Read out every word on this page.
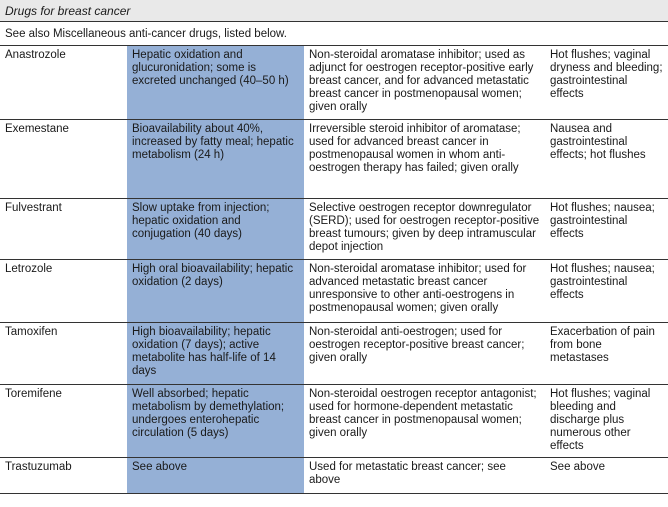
Drugs for breast cancer
See also Miscellaneous anti-cancer drugs, listed below.
Anastrozole	Hepatic oxidation and glucuronidation; some is excreted unchanged (40–50 h)	Non-steroidal aromatase inhibitor; used as adjunct for oestrogen receptor-positive early breast cancer, and for advanced metastatic breast cancer in postmenopausal women; given orally	Hot flushes; vaginal dryness and bleeding; gastrointestinal effects
Exemestane	Bioavailability about 40%, increased by fatty meal; hepatic metabolism (24 h)	Irreversible steroid inhibitor of aromatase; used for advanced breast cancer in postmenopausal women in whom anti-oestrogen therapy has failed; given orally	Nausea and gastrointestinal effects; hot flushes
Fulvestrant	Slow uptake from injection; hepatic oxidation and conjugation (40 days)	Selective oestrogen receptor downregulator (SERD); used for oestrogen receptor-positive breast tumours; given by deep intramuscular depot injection	Hot flushes; nausea; gastrointestinal effects
Letrozole	High oral bioavailability; hepatic oxidation (2 days)	Non-steroidal aromatase inhibitor; used for advanced metastatic breast cancer unresponsive to other anti-oestrogens in postmenopausal women; given orally	Hot flushes; nausea; gastrointestinal effects
Tamoxifen	High bioavailability; hepatic oxidation (7 days); active metabolite has half-life of 14 days	Non-steroidal anti-oestrogen; used for oestrogen receptor-positive breast cancer; given orally	Exacerbation of pain from bone metastases
Toremifene	Well absorbed; hepatic metabolism by demethylation; undergoes enterohepatic circulation (5 days)	Non-steroidal oestrogen receptor antagonist; used for hormone-dependent metastatic breast cancer in postmenopausal women; given orally	Hot flushes; vaginal bleeding and discharge plus numerous other effects
Trastuzumab	See above	Used for metastatic breast cancer; see above	See above
